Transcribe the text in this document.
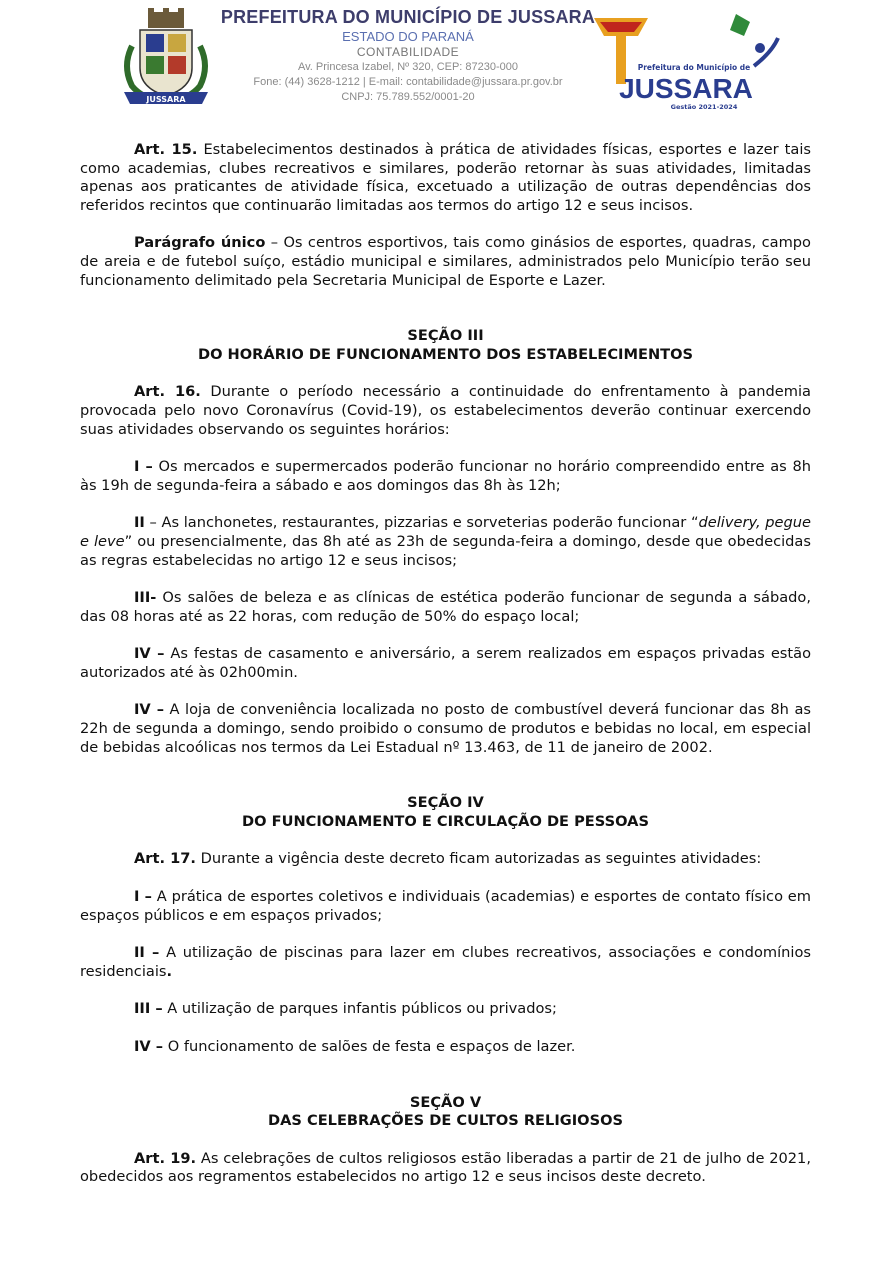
JUSSARA
PREFEITURA DO MUNICÍPIO DE JUSSARA
ESTADO DO PARANÁ
CONTABILIDADE
Av. Princesa Izabel, Nº 320, CEP: 87230-000
Fone: (44) 3628-1212 | E-mail: contabilidade@jussara.pr.gov.br
CNPJ: 75.789.552/0001-20
Prefeitura do Município de
JUSSARA
Gestão 2021-2024

Art. 15. Estabelecimentos destinados à prática de atividades físicas, esportes e lazer tais como academias, clubes recreativos e similares, poderão retornar às suas atividades, limitadas apenas aos praticantes de atividade física, excetuado a utilização de outras dependências dos referidos recintos que continuarão limitadas aos termos do artigo 12 e seus incisos.

Parágrafo único – Os centros esportivos, tais como ginásios de esportes, quadras, campo de areia e de futebol suíço, estádio municipal e similares, administrados pelo Município terão seu funcionamento delimitado pela Secretaria Municipal de Esporte e Lazer.

SEÇÃO III
DO HORÁRIO DE FUNCIONAMENTO DOS ESTABELECIMENTOS

Art. 16. Durante o período necessário a continuidade do enfrentamento à pandemia provocada pelo novo Coronavírus (Covid-19), os estabelecimentos deverão continuar exercendo suas atividades observando os seguintes horários:

I – Os mercados e supermercados poderão funcionar no horário compreendido entre as 8h às 19h de segunda-feira a sábado e aos domingos das 8h às 12h;

II – As lanchonetes, restaurantes, pizzarias e sorveterias poderão funcionar “delivery, pegue e leve” ou presencialmente, das 8h até as 23h de segunda-feira a domingo, desde que obedecidas as regras estabelecidas no artigo 12 e seus incisos;

III- Os salões de beleza e as clínicas de estética poderão funcionar de segunda a sábado, das 08 horas até as 22 horas, com redução de 50% do espaço local;

IV – As festas de casamento e aniversário, a serem realizados em espaços privadas estão autorizados até às 02h00min.

IV – A loja de conveniência localizada no posto de combustível deverá funcionar das 8h as 22h de segunda a domingo, sendo proibido o consumo de produtos e bebidas no local, em especial de bebidas alcoólicas nos termos da Lei Estadual nº 13.463, de 11 de janeiro de 2002.

SEÇÃO IV
DO FUNCIONAMENTO E CIRCULAÇÃO DE PESSOAS

Art. 17. Durante a vigência deste decreto ficam autorizadas as seguintes atividades:

I – A prática de esportes coletivos e individuais (academias) e esportes de contato físico em espaços públicos e em espaços privados;

II – A utilização de piscinas para lazer em clubes recreativos, associações e condomínios residenciais.

III – A utilização de parques infantis públicos ou privados;

IV – O funcionamento de salões de festa e espaços de lazer.

SEÇÃO V
DAS CELEBRAÇÕES DE CULTOS RELIGIOSOS

Art. 19. As celebrações de cultos religiosos estão liberadas a partir de 21 de julho de 2021, obedecidos aos regramentos estabelecidos no artigo 12 e seus incisos deste decreto.
